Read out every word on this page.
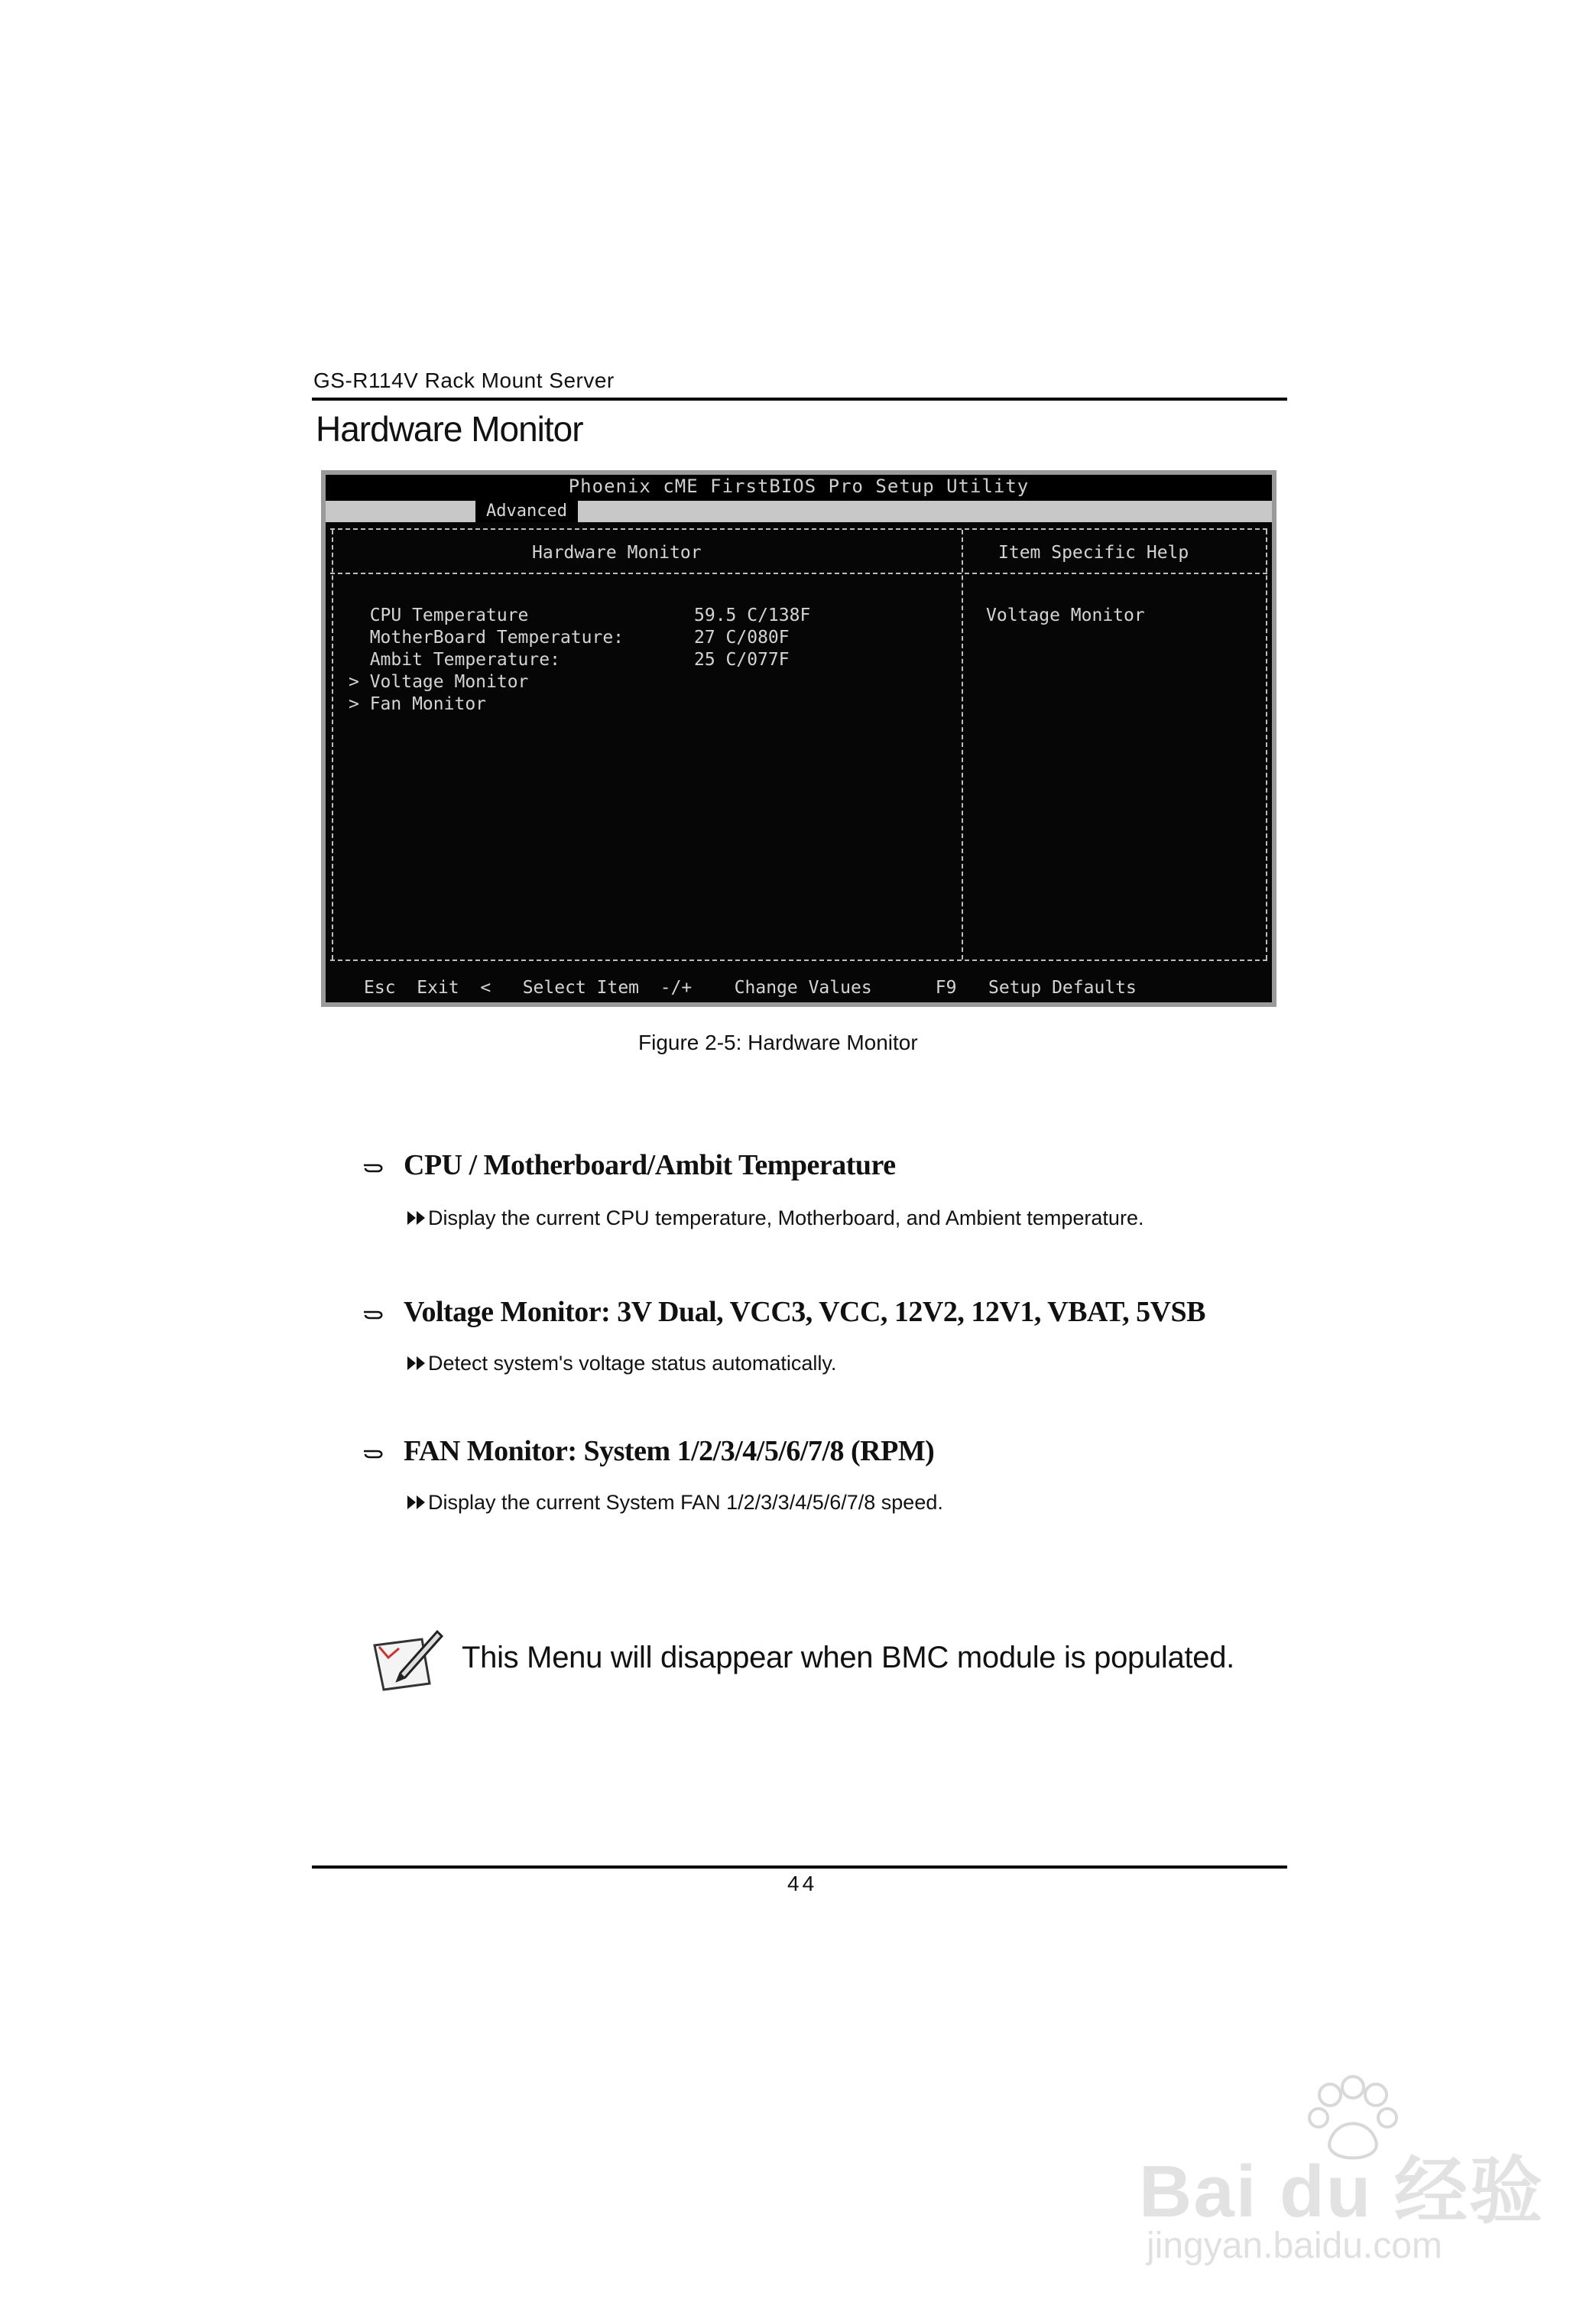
GS-R114V Rack Mount Server
Hardware Monitor
Phoenix cME FirstBIOS Pro Setup Utility
Advanced
Hardware Monitor	Item Specific Help
Voltage Monitor
CPU Temperature	59.5 C/138F
MotherBoard Temperature:	27 C/080F
Ambit Temperature:	25 C/077F
> Voltage Monitor
> Fan Monitor
Esc  Exit  <   Select Item  -/+    Change Values      F9   Setup Defaults
Figure 2-5: Hardware Monitor
CPU / Motherboard/Ambit Temperature
Display the current CPU temperature, Motherboard, and Ambient temperature.
Voltage Monitor: 3V Dual, VCC3, VCC, 12V2, 12V1, VBAT, 5VSB
Detect system's voltage status automatically.
FAN Monitor: System 1/2/3/4/5/6/7/8 (RPM)
Display the current System FAN 1/2/3/3/4/5/6/7/8 speed.
This Menu will disappear when BMC module is populated.
44
Bai du 经验
jingyan.baidu.com
